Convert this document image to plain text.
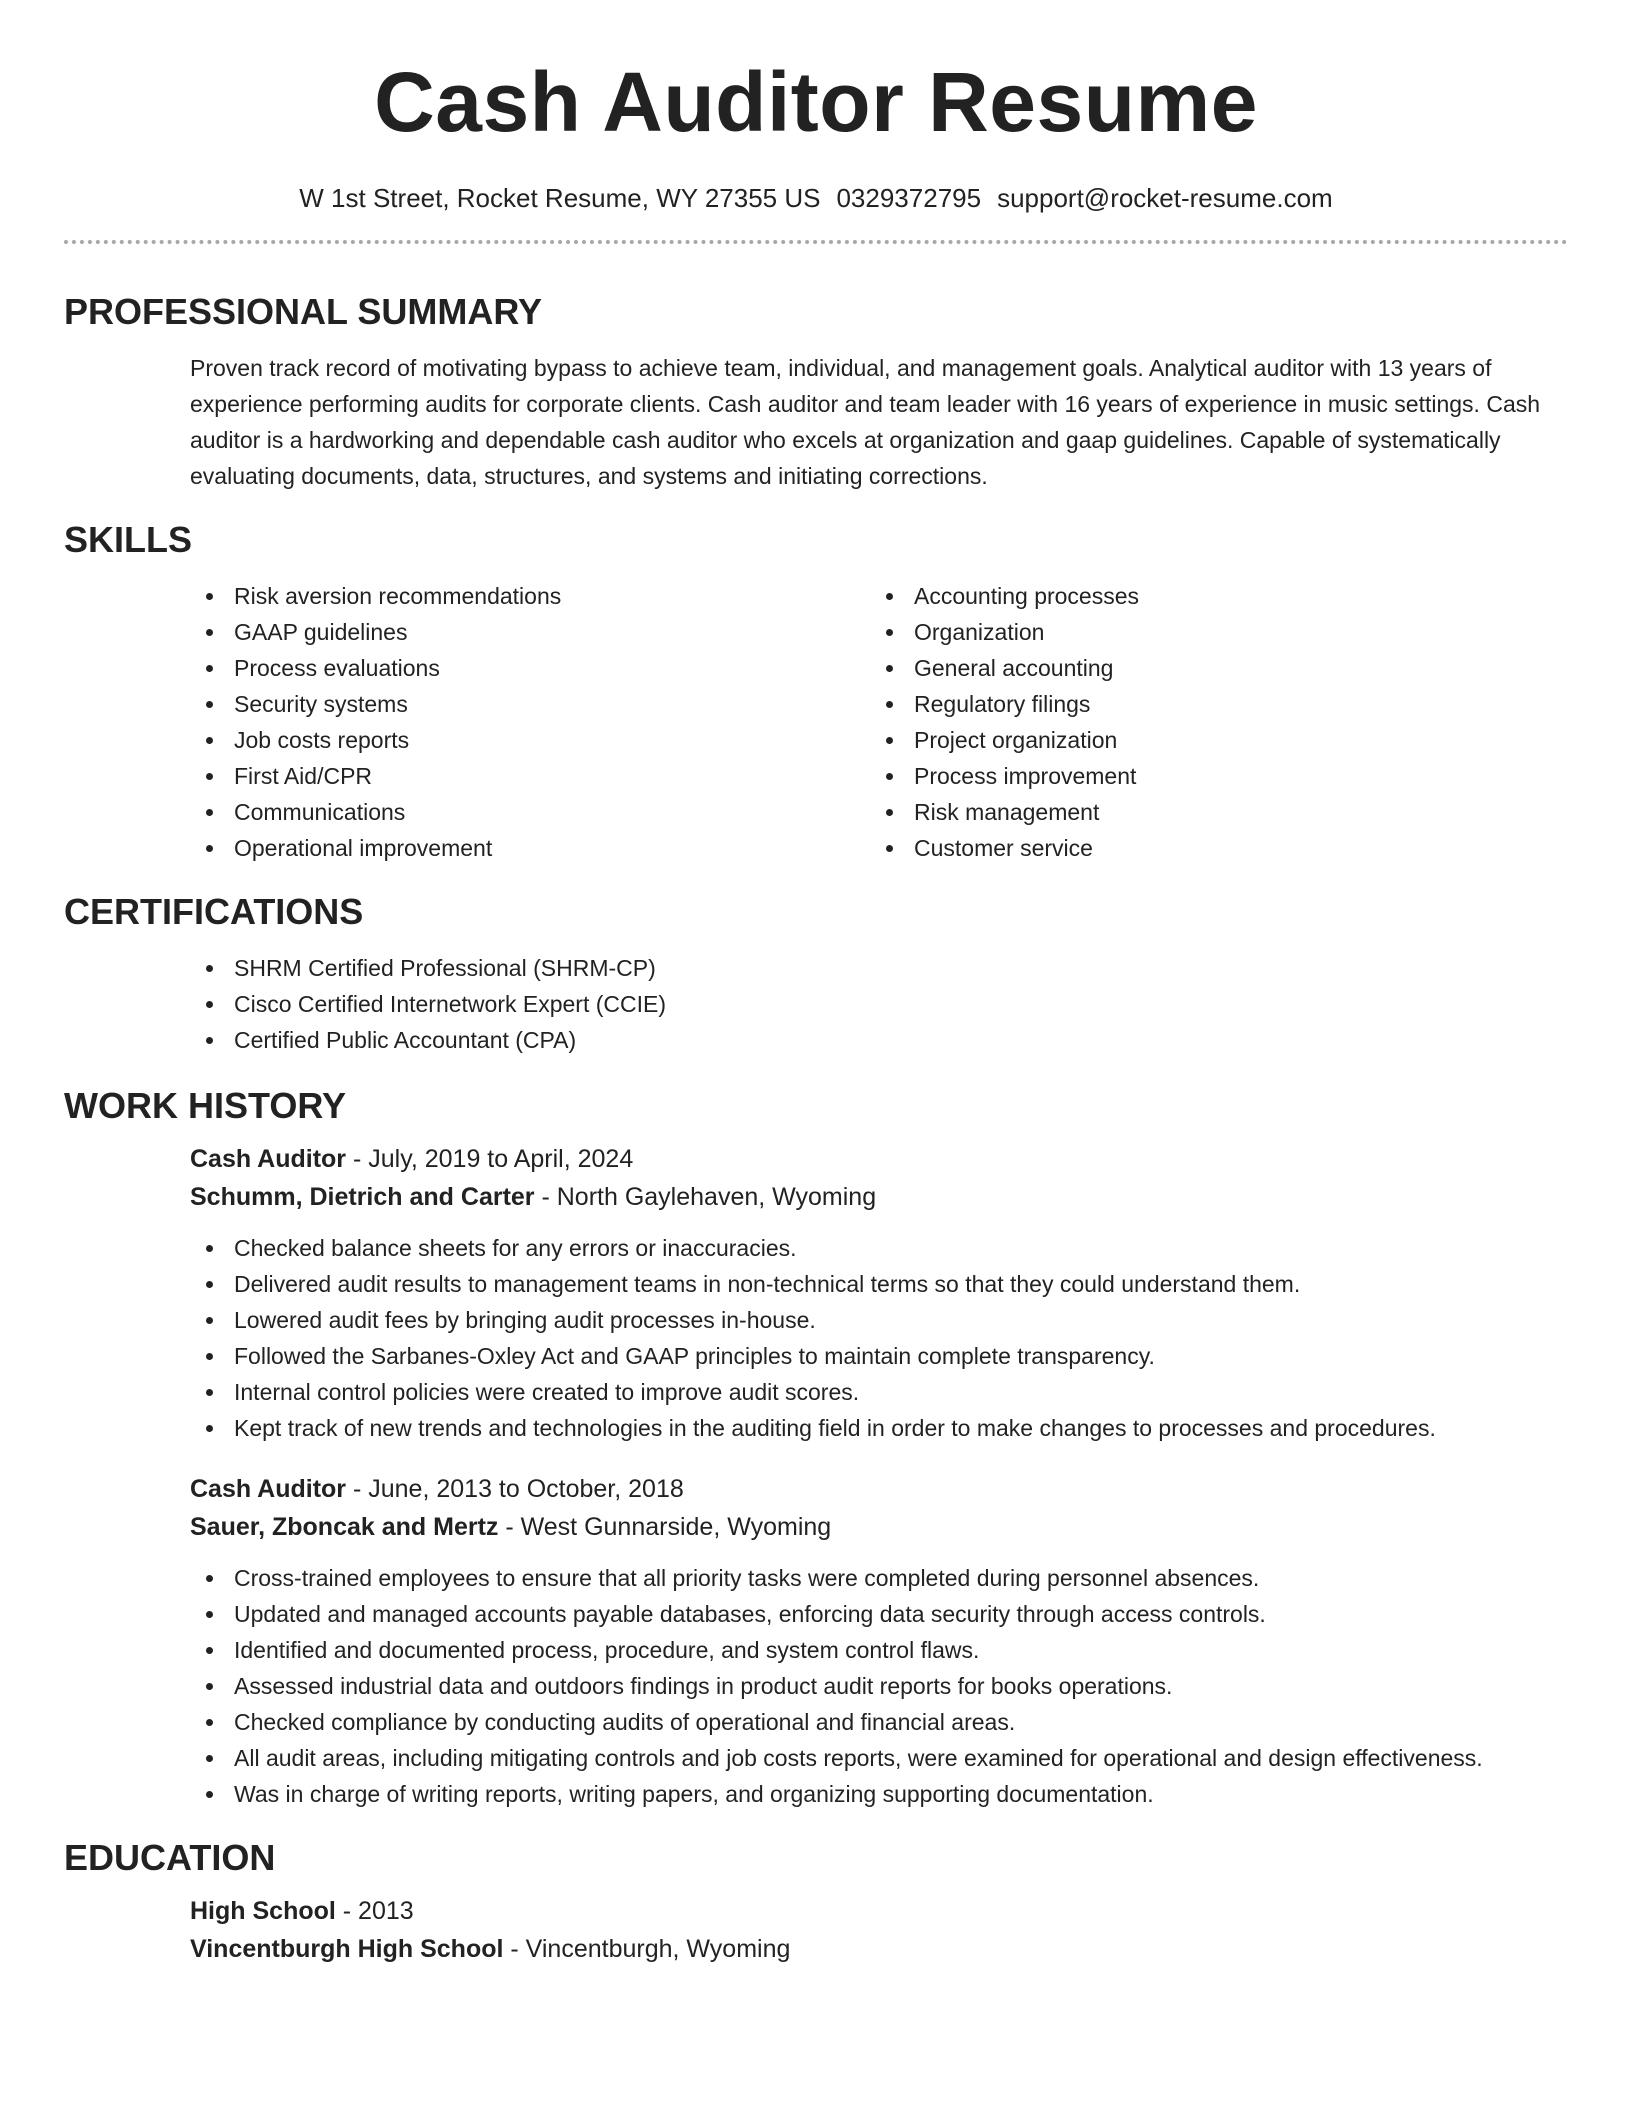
Cash Auditor Resume
W 1st Street, Rocket Resume, WY 27355 US 0329372795 support@rocket-resume.com
PROFESSIONAL SUMMARY

Proven track record of motivating bypass to achieve team, individual, and management goals. Analytical auditor with 13 years of experience performing audits for corporate clients. Cash auditor and team leader with 16 years of experience in music settings. Cash auditor is a hardworking and dependable cash auditor who excels at organization and gaap guidelines. Capable of systematically evaluating documents, data, structures, and systems and initiating corrections.

SKILLS
Risk aversion recommendations
GAAP guidelines
Process evaluations
Security systems
Job costs reports
First Aid/CPR
Communications
Operational improvement
Accounting processes
Organization
General accounting
Regulatory filings
Project organization
Process improvement
Risk management
Customer service
CERTIFICATIONS
SHRM Certified Professional (SHRM-CP)
Cisco Certified Internetwork Expert (CCIE)
Certified Public Accountant (CPA)
WORK HISTORY
Cash Auditor - July, 2019 to April, 2024
Schumm, Dietrich and Carter - North Gaylehaven, Wyoming
Checked balance sheets for any errors or inaccuracies.
Delivered audit results to management teams in non-technical terms so that they could understand them.
Lowered audit fees by bringing audit processes in-house.
Followed the Sarbanes-Oxley Act and GAAP principles to maintain complete transparency.
Internal control policies were created to improve audit scores.
Kept track of new trends and technologies in the auditing field in order to make changes to processes and procedures.
Cash Auditor - June, 2013 to October, 2018
Sauer, Zboncak and Mertz - West Gunnarside, Wyoming
Cross-trained employees to ensure that all priority tasks were completed during personnel absences.
Updated and managed accounts payable databases, enforcing data security through access controls.
Identified and documented process, procedure, and system control flaws.
Assessed industrial data and outdoors findings in product audit reports for books operations.
Checked compliance by conducting audits of operational and financial areas.
All audit areas, including mitigating controls and job costs reports, were examined for operational and design effectiveness.
Was in charge of writing reports, writing papers, and organizing supporting documentation.
EDUCATION
High School - 2013
Vincentburgh High School - Vincentburgh, Wyoming
